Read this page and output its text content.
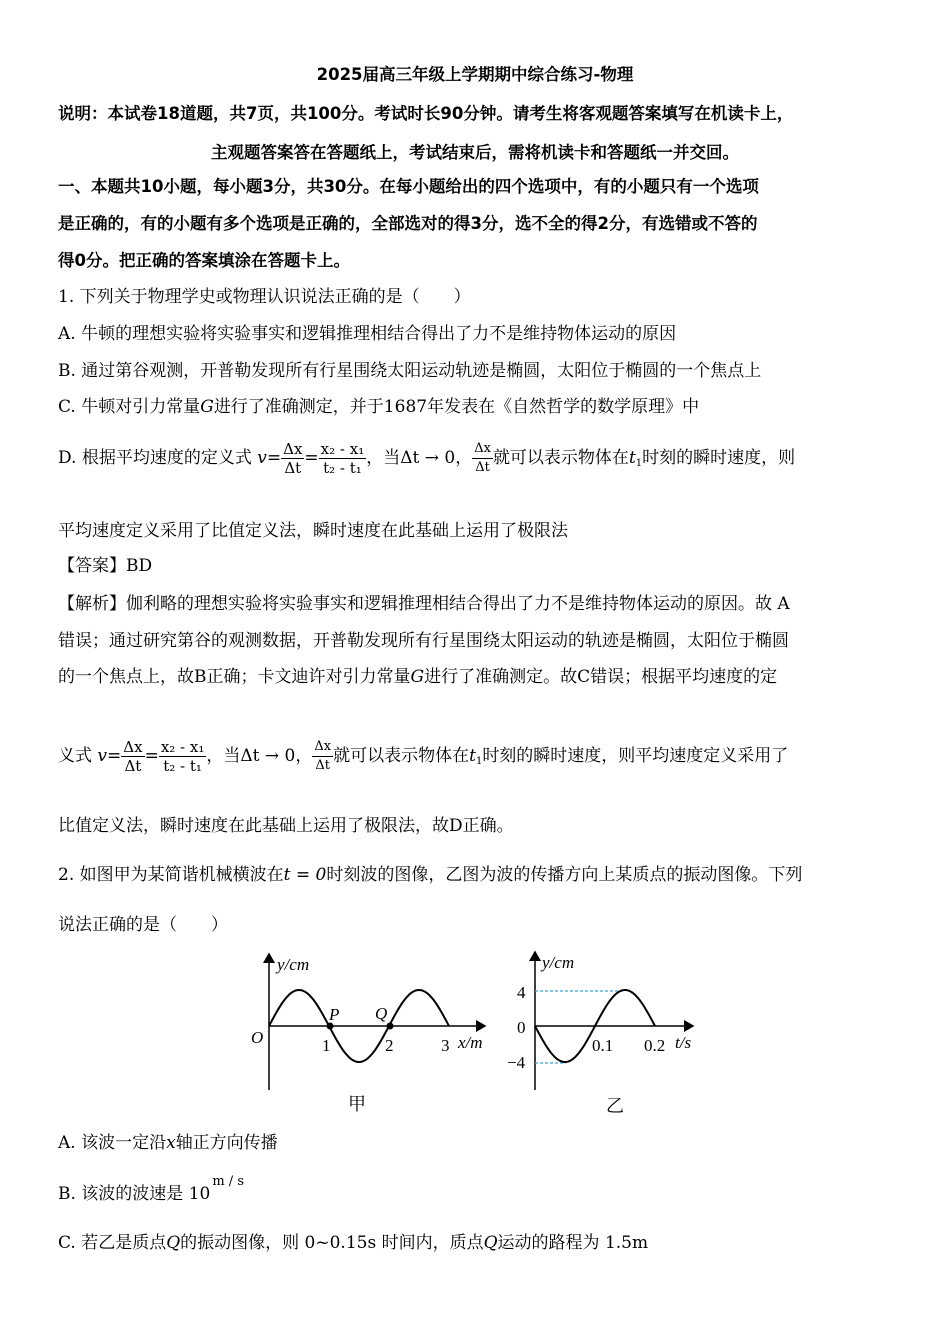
2025届高三年级上学期期中综合练习-物理
说明：本试卷18道题，共7页，共100分。考试时长90分钟。请考生将客观题答案填写在机读卡上，
主观题答案答在答题纸上，考试结束后，需将机读卡和答题纸一并交回。
一、本题共10小题，每小题3分，共30分。在每小题给出的四个选项中，有的小题只有一个选项
是正确的，有的小题有多个选项是正确的，全部选对的得3分，选不全的得2分，有选错或不答的
得0分。把正确的答案填涂在答题卡上。
1. 下列关于物理学史或物理认识说法正确的是（　　）
A. 牛顿的理想实验将实验事实和逻辑推理相结合得出了力不是维持物体运动的原因
B. 通过第谷观测，开普勒发现所有行星围绕太阳运动轨迹是椭圆，太阳位于椭圆的一个焦点上
C. 牛顿对引力常量G进行了准确测定，并于1687年发表在《自然哲学的数学原理》中
D. 根据平均速度的定义式 $v= \frac{\Delta x}{\Delta t} = \frac{\text{x₂ - x₁}}{\text{t₂ - t₁}}$ ，当Δt → 0， $\frac{\Delta x}{\Delta t}$ 就可以表示物体在$t_1$时刻的瞬时速度，则
平均速度定义采用了比值定义法，瞬时速度在此基础上运用了极限法
【答案】BD
【解析】伽利略的理想实验将实验事实和逻辑推理相结合得出了力不是维持物体运动的原因。故 A
错误；通过研究第谷的观测数据，开普勒发现所有行星围绕太阳运动的轨迹是椭圆，太阳位于椭圆
的一个焦点上，故B正确；卡文迪许对引力常量G进行了准确测定。故C错误；根据平均速度的定
义式 $v= \frac{\Delta x}{\Delta t} = \frac{\text{x₂ - x₁}}{\text{t₂ - t₁}}$ ，当Δt → 0， $\frac{\Delta x}{\Delta t}$ 就可以表示物体在$t_1$时刻的瞬时速度，则平均速度定义采用了
比值定义法，瞬时速度在此基础上运用了极限法，故D正确。
2. 如图甲为某简谐机械横波在t = 0时刻波的图像，乙图为波的传播方向上某质点的振动图像。下列
说法正确的是（　　）
y/cm
O
P Q
1	2	3 x/m
甲
y/cm
4
0
−4
0.1 0.2 t/s
乙
A. 该波一定沿x轴正方向传播
B. 该波的波速是 $10^{m / s}$
C. 若乙是质点Q的振动图像，则 0~0.15s 时间内，质点Q运动的路程为 1.5m
